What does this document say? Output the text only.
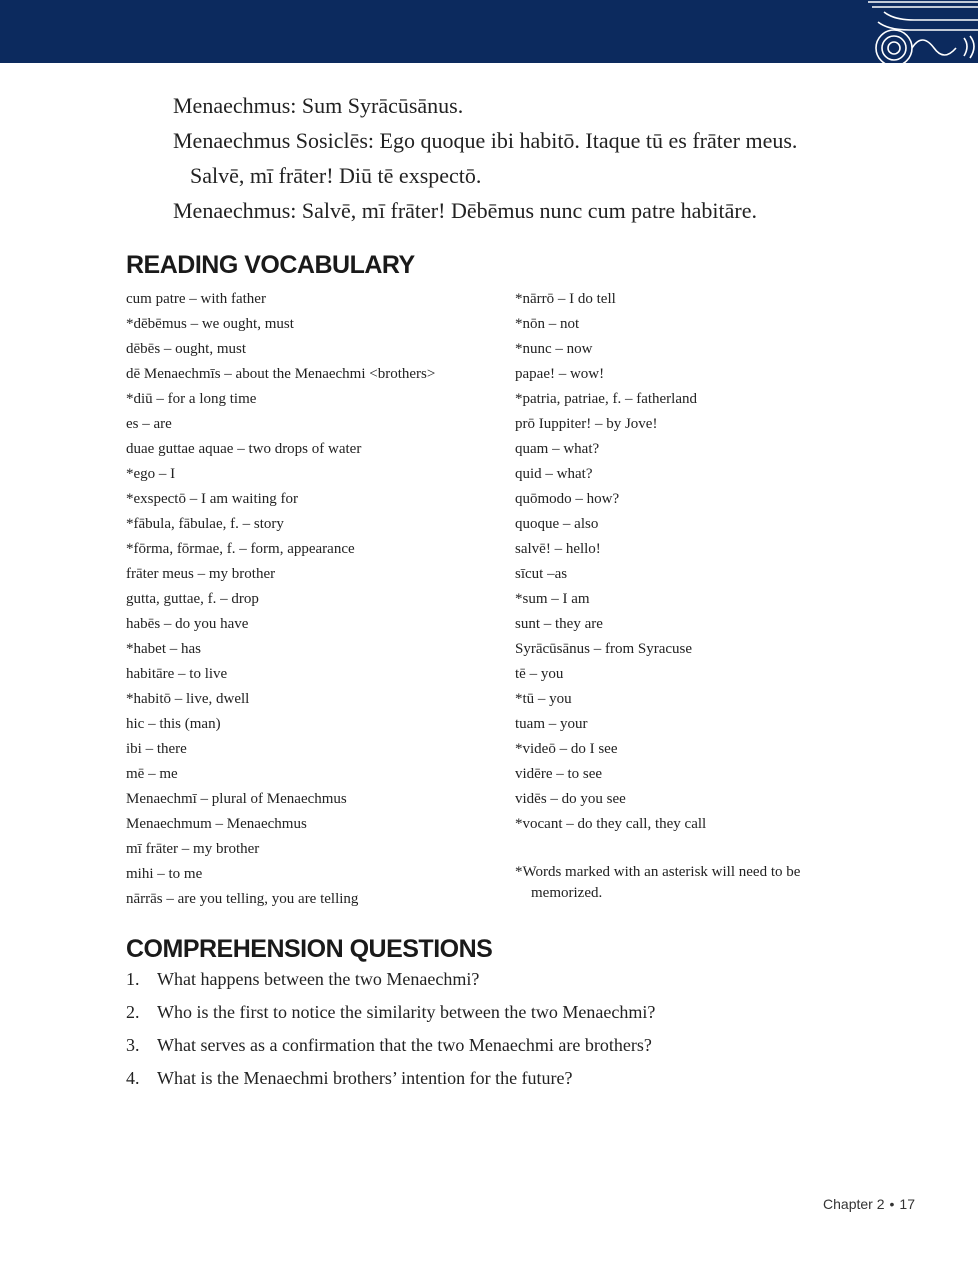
Menaechmus: Sum Syrācūsānus.
Menaechmus Sosiclēs: Ego quoque ibi habitō. Itaque tū es frāter meus.
Salvē, mī frāter! Diū tē exspectō.
Menaechmus: Salvē, mī frāter! Dēbēmus nunc cum patre habitāre.
READING VOCABULARY
cum patre – with father
*dēbēmus – we ought, must
dēbēs – ought, must
dē Menaechmīs – about the Menaechmi <brothers>
*diū – for a long time
es – are
duae guttae aquae – two drops of water
*ego – I
*exspectō – I am waiting for
*fābula, fābulae, f. – story
*fōrma, fōrmae, f. – form, appearance
frāter meus – my brother
gutta, guttae, f. – drop
habēs – do you have
*habet – has
habitāre – to live
*habitō – live, dwell
hic – this (man)
ibi – there
mē – me
Menaechmī – plural of Menaechmus
Menaechmum – Menaechmus
mī frāter – my brother
mihi – to me
nārrās – are you telling, you are telling
*nārrō – I do tell
*nōn – not
*nunc – now
papae! – wow!
*patria, patriae, f. – fatherland
prō Iuppiter! – by Jove!
quam – what?
quid – what?
quōmodo – how?
quoque – also
salvē! – hello!
sīcut –as
*sum – I am
sunt – they are
Syrācūsānus – from Syracuse
tē – you
*tū – you
tuam – your
*videō – do I see
vidēre – to see
vidēs – do you see
*vocant – do they call, they call
*Words marked with an asterisk will need to be memorized.
COMPREHENSION QUESTIONS
1. What happens between the two Menaechmi?
2. Who is the first to notice the similarity between the two Menaechmi?
3. What serves as a confirmation that the two Menaechmi are brothers?
4. What is the Menaechmi brothers’ intention for the future?
Chapter 2 • 17
